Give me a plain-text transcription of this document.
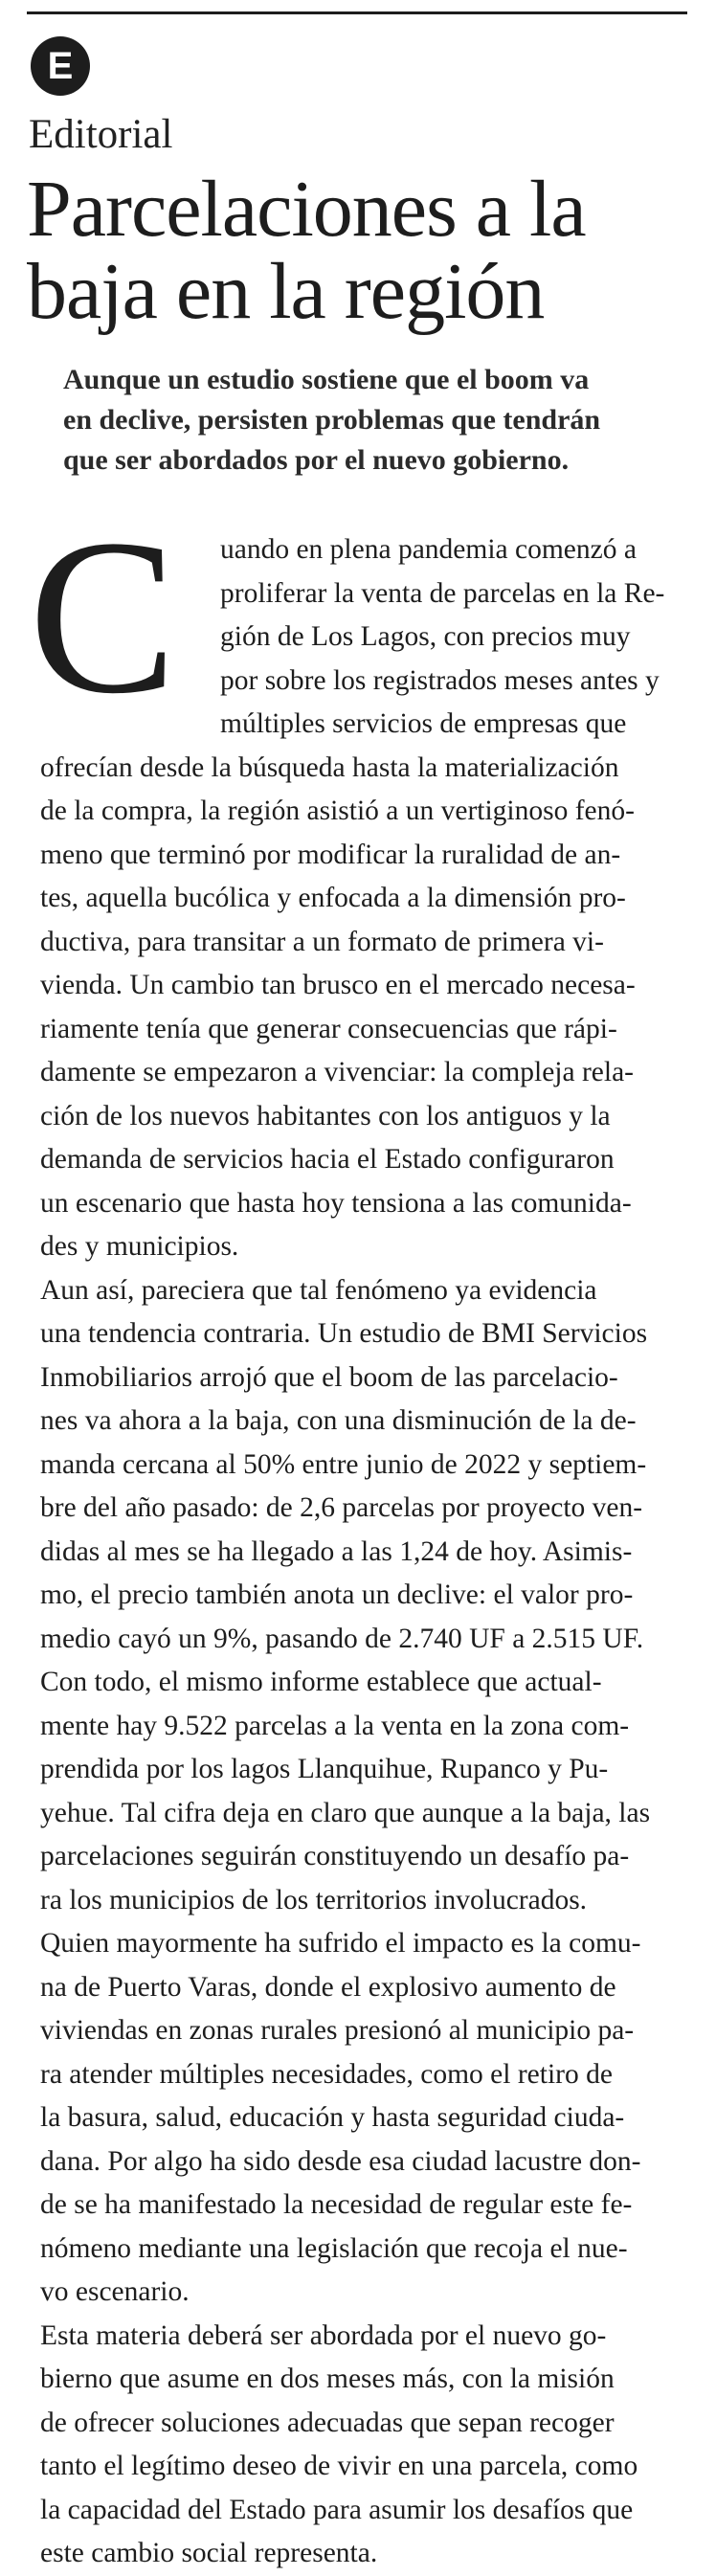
E
Editorial
Parcelaciones a la
baja en la región
Aunque un estudio sostiene que el boom va
en declive, persisten problemas que tendrán
que ser abordados por el nuevo gobierno.
C	uando en plena pandemia comenzó a
proliferar la venta de parcelas en la Re-
gión de Los Lagos, con precios muy
por sobre los registrados meses antes y
múltiples servicios de empresas que
ofrecían desde la búsqueda hasta la materialización
de la compra, la región asistió a un vertiginoso fenó-
meno que terminó por modificar la ruralidad de an-
tes, aquella bucólica y enfocada a la dimensión pro-
ductiva, para transitar a un formato de primera vi-
vienda. Un cambio tan brusco en el mercado necesa-
riamente tenía que generar consecuencias que rápi-
damente se empezaron a vivenciar: la compleja rela-
ción de los nuevos habitantes con los antiguos y la
demanda de servicios hacia el Estado configuraron
un escenario que hasta hoy tensiona a las comunida-
des y municipios.
Aun así, pareciera que tal fenómeno ya evidencia
una tendencia contraria. Un estudio de BMI Servicios
Inmobiliarios arrojó que el boom de las parcelacio-
nes va ahora a la baja, con una disminución de la de-
manda cercana al 50% entre junio de 2022 y septiem-
bre del año pasado: de 2,6 parcelas por proyecto ven-
didas al mes se ha llegado a las 1,24 de hoy. Asimis-
mo, el precio también anota un declive: el valor pro-
medio cayó un 9%, pasando de 2.740 UF a 2.515 UF.
Con todo, el mismo informe establece que actual-
mente hay 9.522 parcelas a la venta en la zona com-
prendida por los lagos Llanquihue, Rupanco y Pu-
yehue. Tal cifra deja en claro que aunque a la baja, las
parcelaciones seguirán constituyendo un desafío pa-
ra los municipios de los territorios involucrados.
Quien mayormente ha sufrido el impacto es la comu-
na de Puerto Varas, donde el explosivo aumento de
viviendas en zonas rurales presionó al municipio pa-
ra atender múltiples necesidades, como el retiro de
la basura, salud, educación y hasta seguridad ciuda-
dana. Por algo ha sido desde esa ciudad lacustre don-
de se ha manifestado la necesidad de regular este fe-
nómeno mediante una legislación que recoja el nue-
vo escenario.
Esta materia deberá ser abordada por el nuevo go-
bierno que asume en dos meses más, con la misión
de ofrecer soluciones adecuadas que sepan recoger
tanto el legítimo deseo de vivir en una parcela, como
la capacidad del Estado para asumir los desafíos que
este cambio social representa.
